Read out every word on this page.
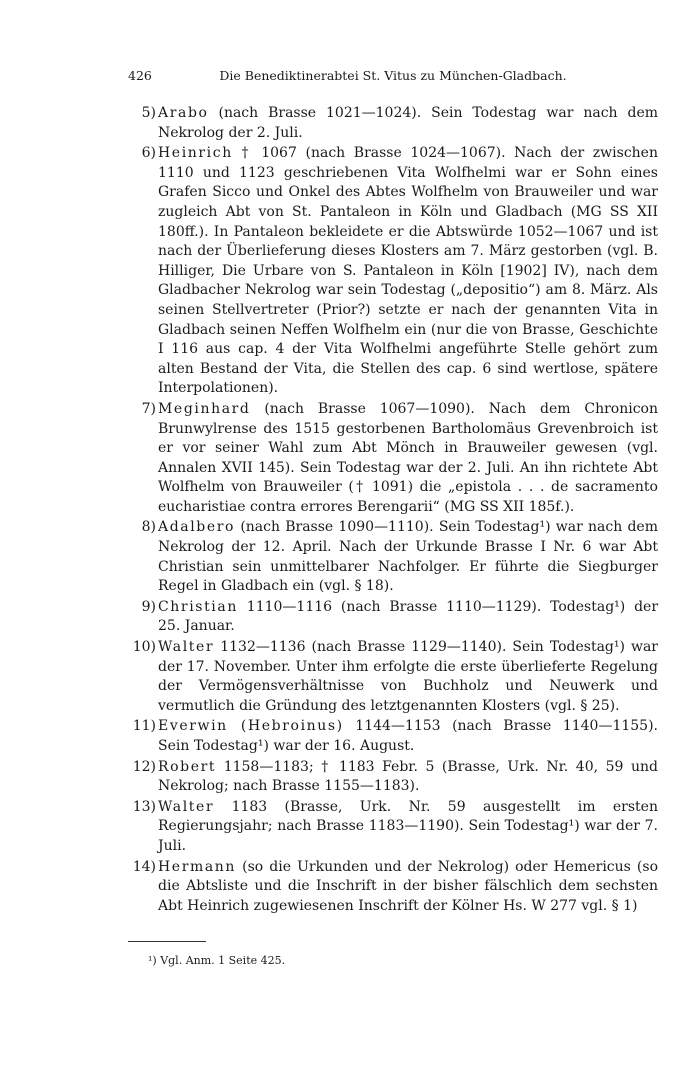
426	Die Benediktinerabtei St. Vitus zu München-Gladbach.
5) Arabo (nach Brasse 1021—1024). Sein Todestag war nach dem Nekrolog der 2. Juli.
6) Heinrich † 1067 (nach Brasse 1024—1067). Nach der zwischen 1110 und 1123 geschriebenen Vita Wolfhelmi war er Sohn eines Grafen Sicco und Onkel des Abtes Wolfhelm von Brauweiler und war zugleich Abt von St. Pantaleon in Köln und Gladbach (MG SS XII 180ff.). In Pantaleon bekleidete er die Abtswürde 1052—1067 und ist nach der Überlieferung dieses Klosters am 7. März gestorben (vgl. B. Hilliger, Die Urbare von S. Pantaleon in Köln [1902] IV), nach dem Gladbacher Nekrolog war sein Todestag („depositio“) am 8. März. Als seinen Stellvertreter (Prior?) setzte er nach der genannten Vita in Gladbach seinen Neffen Wolfhelm ein (nur die von Brasse, Geschichte I 116 aus cap. 4 der Vita Wolfhelmi angeführte Stelle gehört zum alten Bestand der Vita, die Stellen des cap. 6 sind wertlose, spätere Interpolationen).
7) Meginhard (nach Brasse 1067—1090). Nach dem Chronicon Brunwylrense des 1515 gestorbenen Bartholomäus Grevenbroich ist er vor seiner Wahl zum Abt Mönch in Brauweiler gewesen (vgl. Annalen XVII 145). Sein Todestag war der 2. Juli. An ihn richtete Abt Wolfhelm von Brauweiler († 1091) die „epistola . . . de sacramento eucharistiae contra errores Berengarii“ (MG SS XII 185f.).
8) Adalbero (nach Brasse 1090—1110). Sein Todestag¹) war nach dem Nekrolog der 12. April. Nach der Urkunde Brasse I Nr. 6 war Abt Christian sein unmittelbarer Nachfolger. Er führte die Siegburger Regel in Gladbach ein (vgl. § 18).
9) Christian 1110—1116 (nach Brasse 1110—1129). Todestag¹) der 25. Januar.
10) Walter 1132—1136 (nach Brasse 1129—1140). Sein Todestag¹) war der 17. November. Unter ihm erfolgte die erste überlieferte Regelung der Vermögensverhältnisse von Buchholz und Neuwerk und vermutlich die Gründung des letztgenannten Klosters (vgl. § 25).
11) Everwin (Hebroinus) 1144—1153 (nach Brasse 1140—1155). Sein Todestag¹) war der 16. August.
12) Robert 1158—1183; † 1183 Febr. 5 (Brasse, Urk. Nr. 40, 59 und Nekrolog; nach Brasse 1155—1183).
13) Walter 1183 (Brasse, Urk. Nr. 59 ausgestellt im ersten Regierungsjahr; nach Brasse 1183—1190). Sein Todestag¹) war der 7. Juli.
14) Hermann (so die Urkunden und der Nekrolog) oder Hemericus (so die Abtsliste und die Inschrift in der bisher fälschlich dem sechsten Abt Heinrich zugewiesenen Inschrift der Kölner Hs. W 277 vgl. § 1)
¹) Vgl. Anm. 1 Seite 425.
